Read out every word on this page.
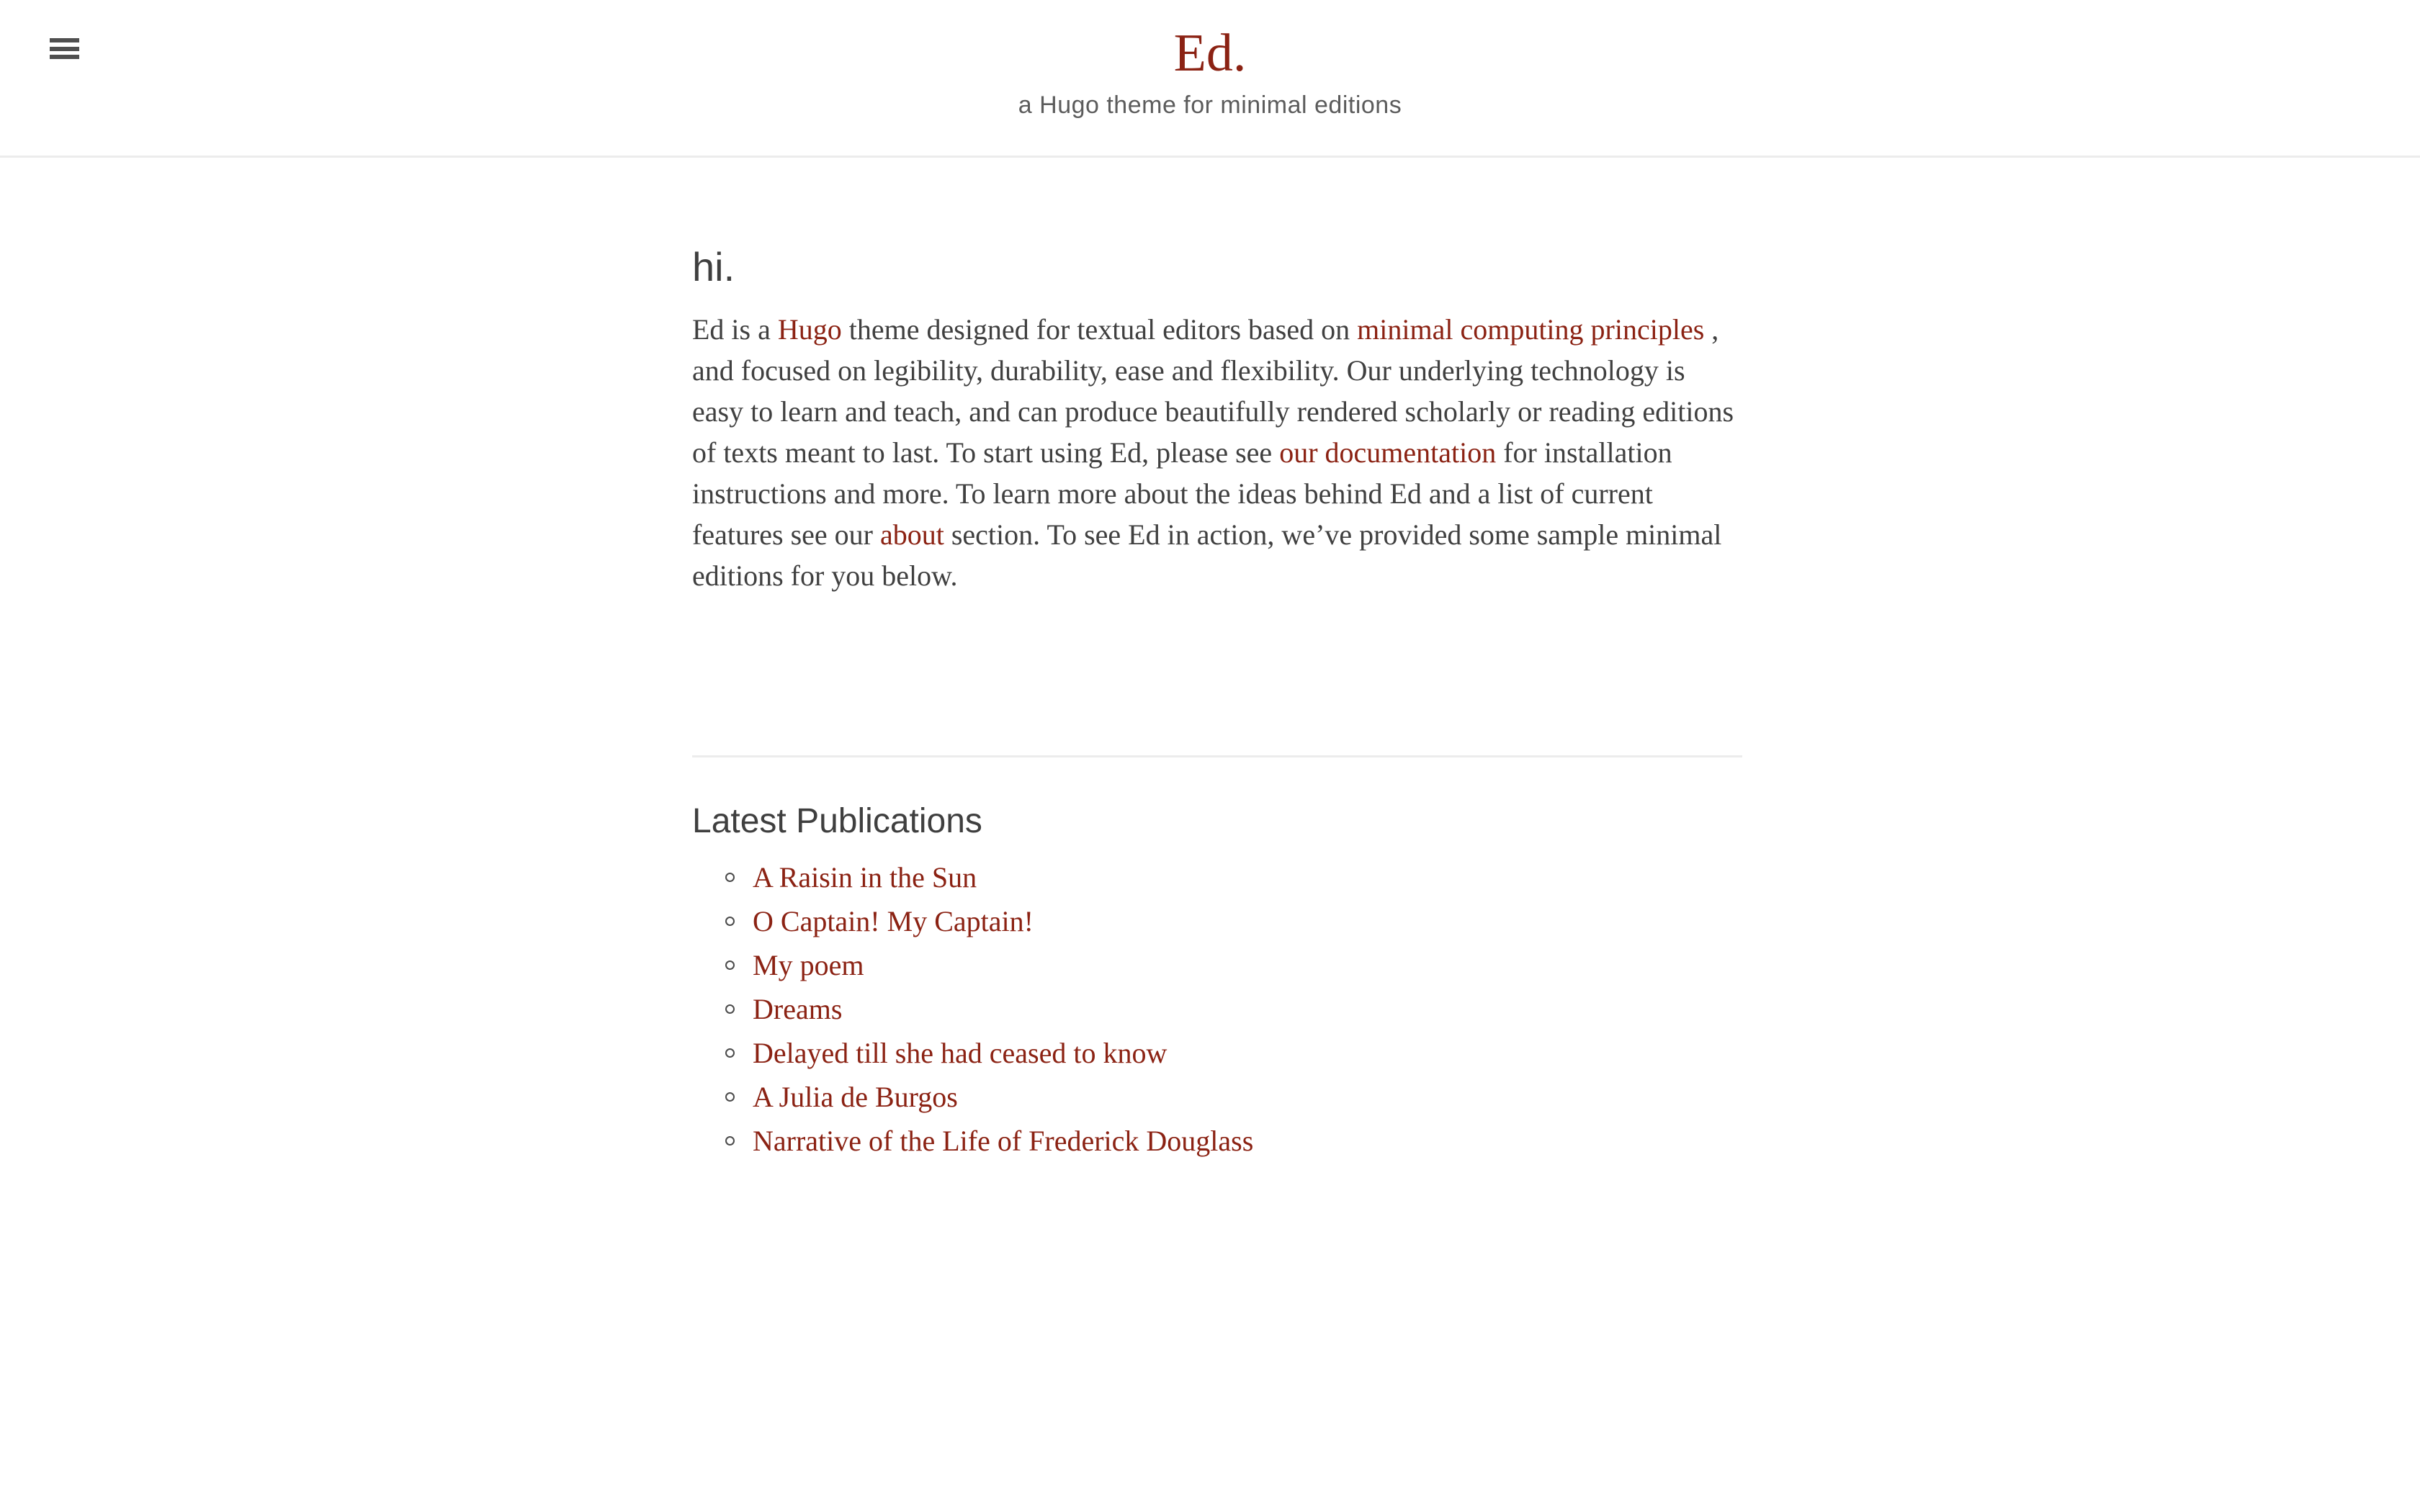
Ed.

a Hugo theme for minimal editions

hi.

Ed is a Hugo theme designed for textual editors based on minimal computing principles , and focused on legibility, durability, ease and flexibility. Our underlying technology is easy to learn and teach, and can produce beautifully rendered scholarly or reading editions of texts meant to last. To start using Ed, please see our documentation for installation instructions and more. To learn more about the ideas behind Ed and a list of current features see our about section. To see Ed in action, we’ve provided some sample minimal editions for you below.

Latest Publications
A Raisin in the Sun
O Captain! My Captain!
My poem
Dreams
Delayed till she had ceased to know
A Julia de Burgos
Narrative of the Life of Frederick Douglass
